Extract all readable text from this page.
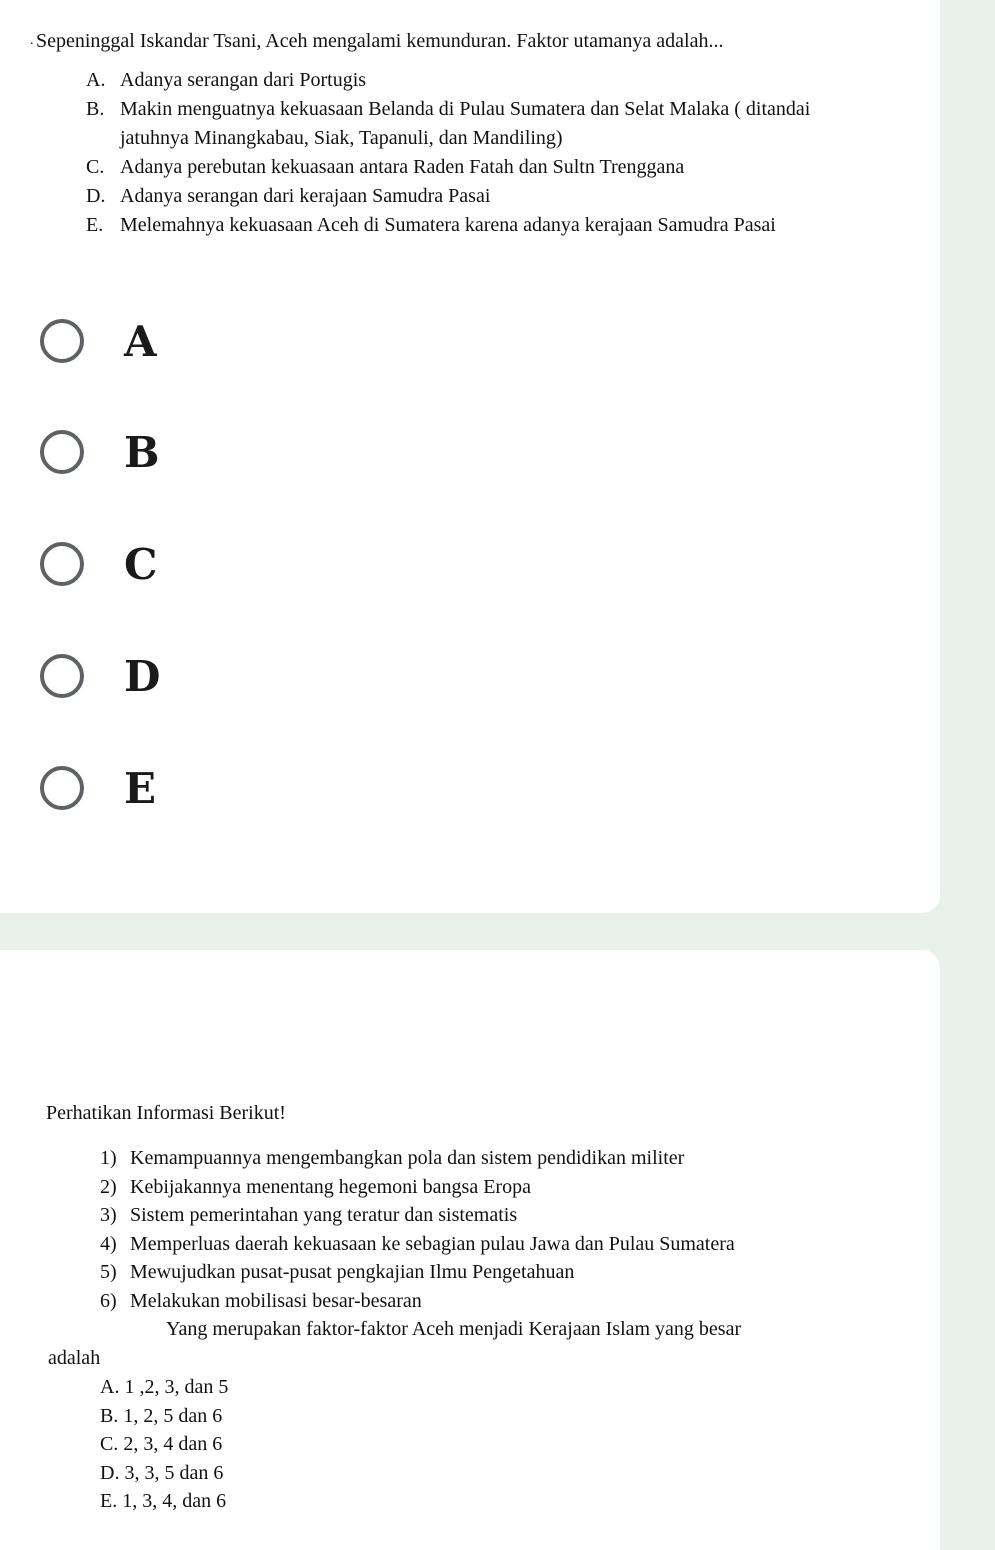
. Sepeninggal Iskandar Tsani, Aceh mengalami kemunduran. Faktor utamanya adalah...
A. Adanya serangan dari Portugis
B. Makin menguatnya kekuasaan Belanda di Pulau Sumatera dan Selat Malaka ( ditandai jatuhnya Minangkabau, Siak, Tapanuli, dan Mandiling)
C. Adanya perebutan kekuasaan antara Raden Fatah dan Sultn Trenggana
D. Adanya serangan dari kerajaan Samudra Pasai
E. Melemahnya kekuasaan Aceh di Sumatera karena adanya kerajaan Samudra Pasai
A
B
C
D
E
Perhatikan Informasi Berikut!
1) Kemampuannya mengembangkan pola dan sistem pendidikan militer
2) Kebijakannya menentang hegemoni bangsa Eropa
3) Sistem pemerintahan yang teratur dan sistematis
4) Memperluas daerah kekuasaan ke sebagian pulau Jawa dan Pulau Sumatera
5) Mewujudkan pusat-pusat pengkajian Ilmu Pengetahuan
6) Melakukan mobilisasi besar-besaran
Yang merupakan faktor-faktor Aceh menjadi Kerajaan Islam yang besar
adalah
A. 1 ,2, 3, dan 5
B. 1, 2, 5 dan 6
C. 2, 3, 4 dan 6
D. 3, 3, 5 dan 6
E. 1, 3, 4, dan 6
